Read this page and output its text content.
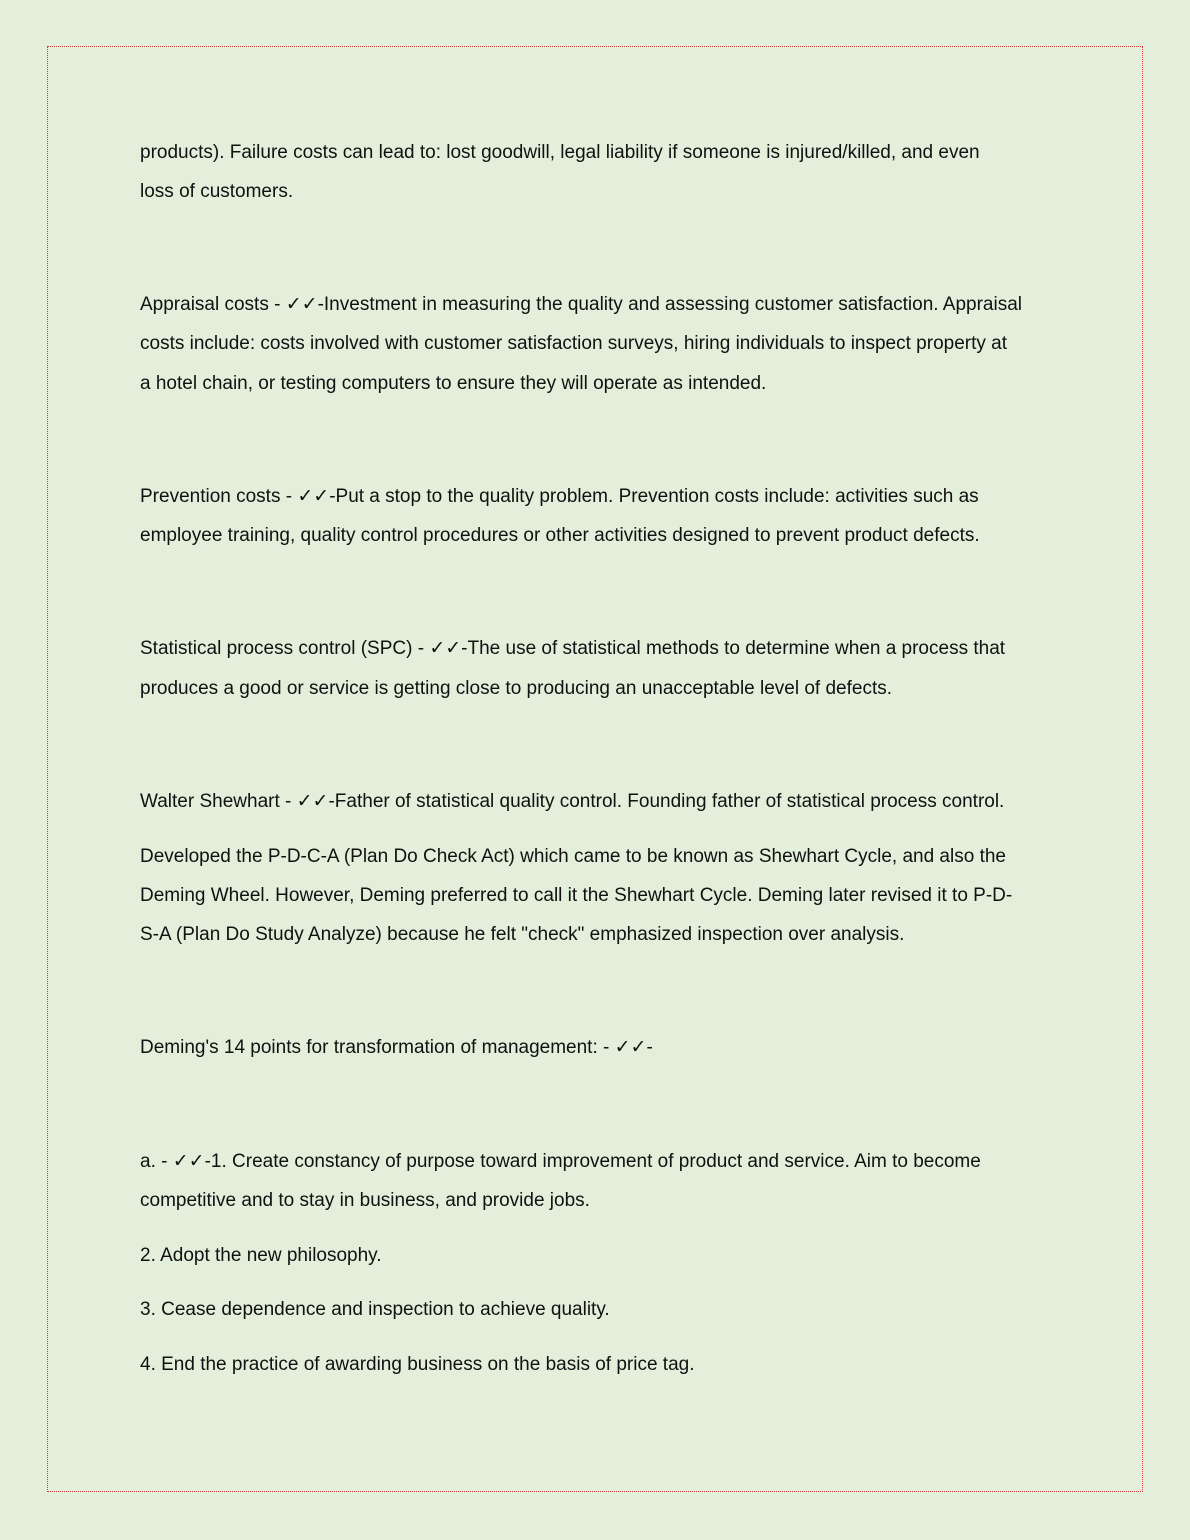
products). Failure costs can lead to: lost goodwill, legal liability if someone is injured/killed, and even
loss of customers.
Appraisal costs - ✓✓-Investment in measuring the quality and assessing customer satisfaction. Appraisal
costs include: costs involved with customer satisfaction surveys, hiring individuals to inspect property at
a hotel chain, or testing computers to ensure they will operate as intended.
Prevention costs - ✓✓-Put a stop to the quality problem. Prevention costs include: activities such as
employee training, quality control procedures or other activities designed to prevent product defects.
Statistical process control (SPC) - ✓✓-The use of statistical methods to determine when a process that
produces a good or service is getting close to producing an unacceptable level of defects.
Walter Shewhart - ✓✓-Father of statistical quality control. Founding father of statistical process control.
Developed the P-D-C-A (Plan Do Check Act) which came to be known as Shewhart Cycle, and also the
Deming Wheel. However, Deming preferred to call it the Shewhart Cycle. Deming later revised it to P-D-
S-A (Plan Do Study Analyze) because he felt "check" emphasized inspection over analysis.
Deming's 14 points for transformation of management: - ✓✓-
a. - ✓✓-1. Create constancy of purpose toward improvement of product and service. Aim to become
competitive and to stay in business, and provide jobs.
2. Adopt the new philosophy.
3. Cease dependence and inspection to achieve quality.
4. End the practice of awarding business on the basis of price tag.
